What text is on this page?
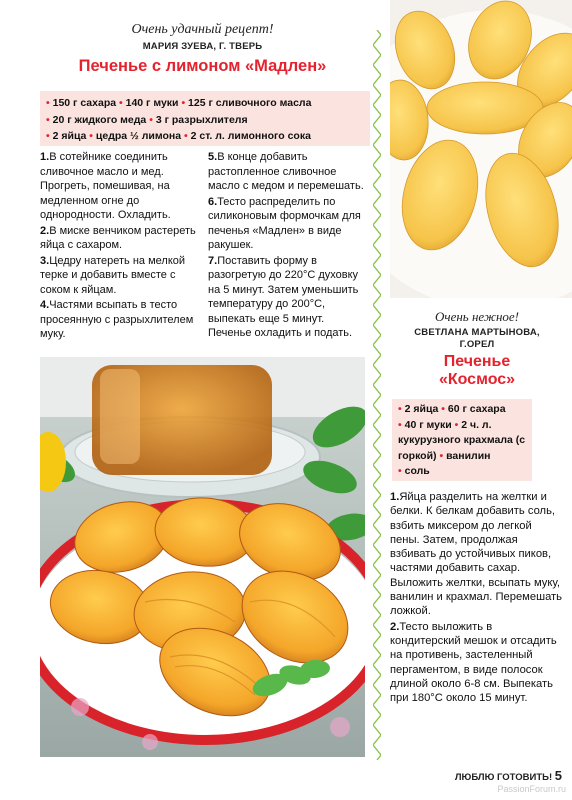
Очень удачный рецепт!
МАРИЯ ЗУЕВА, Г. ТВЕРЬ
Печенье с лимоном «Мадлен»
• 150 г сахара • 140 г муки • 125 г сливочного масла
• 20 г жидкого меда • 3 г разрыхлителя
• 2 яйца • цедра ½ лимона • 2 ст. л. лимонного сока

1.В сотейнике соединить сливочное масло и мед. Прогреть, помешивая, на медленном огне до однородности. Охладить.

2.В миске венчиком растереть яйца с сахаром.

3.Цедру натереть на мелкой терке и добавить вместе с соком к яйцам.

4.Частями всыпать в тесто просеянную с разрыхлителем муку.

5.В конце добавить растопленное сливочное масло с медом и перемешать.

6.Тесто распределить по силиконовым формочкам для печенья «Мадлен» в виде ракушек.

7.Поставить форму в разогретую до 220°С духовку на 5 минут. Затем уменьшить температуру до 200°С, выпекать еще 5 минут. Печенье охладить и подать.

Очень нежное!
СВЕТЛАНА МАРТЫНОВА,
Г.ОРЕЛ
Печенье
«Космос»
• 2 яйца • 60 г сахара
• 40 г муки • 2 ч. л. кукурузного крахмала (с горкой) • ванилин
• соль

1.Яйца разделить на желтки и белки. К белкам добавить соль, взбить миксером до легкой пены. Затем, продолжая взбивать до устойчивых пиков, частями добавить сахар. Выложить желтки, всыпать муку, ванилин и крахмал. Перемешать ложкой.

2.Тесто выложить в кондитерский мешок и отсадить на противень, застеленный пергаментом, в виде полосок длиной около 6-8 см. Выпекать при 180°С около 15 минут.

ЛЮБЛЮ ГОТОВИТЬ! 5
PassionForum.ru
